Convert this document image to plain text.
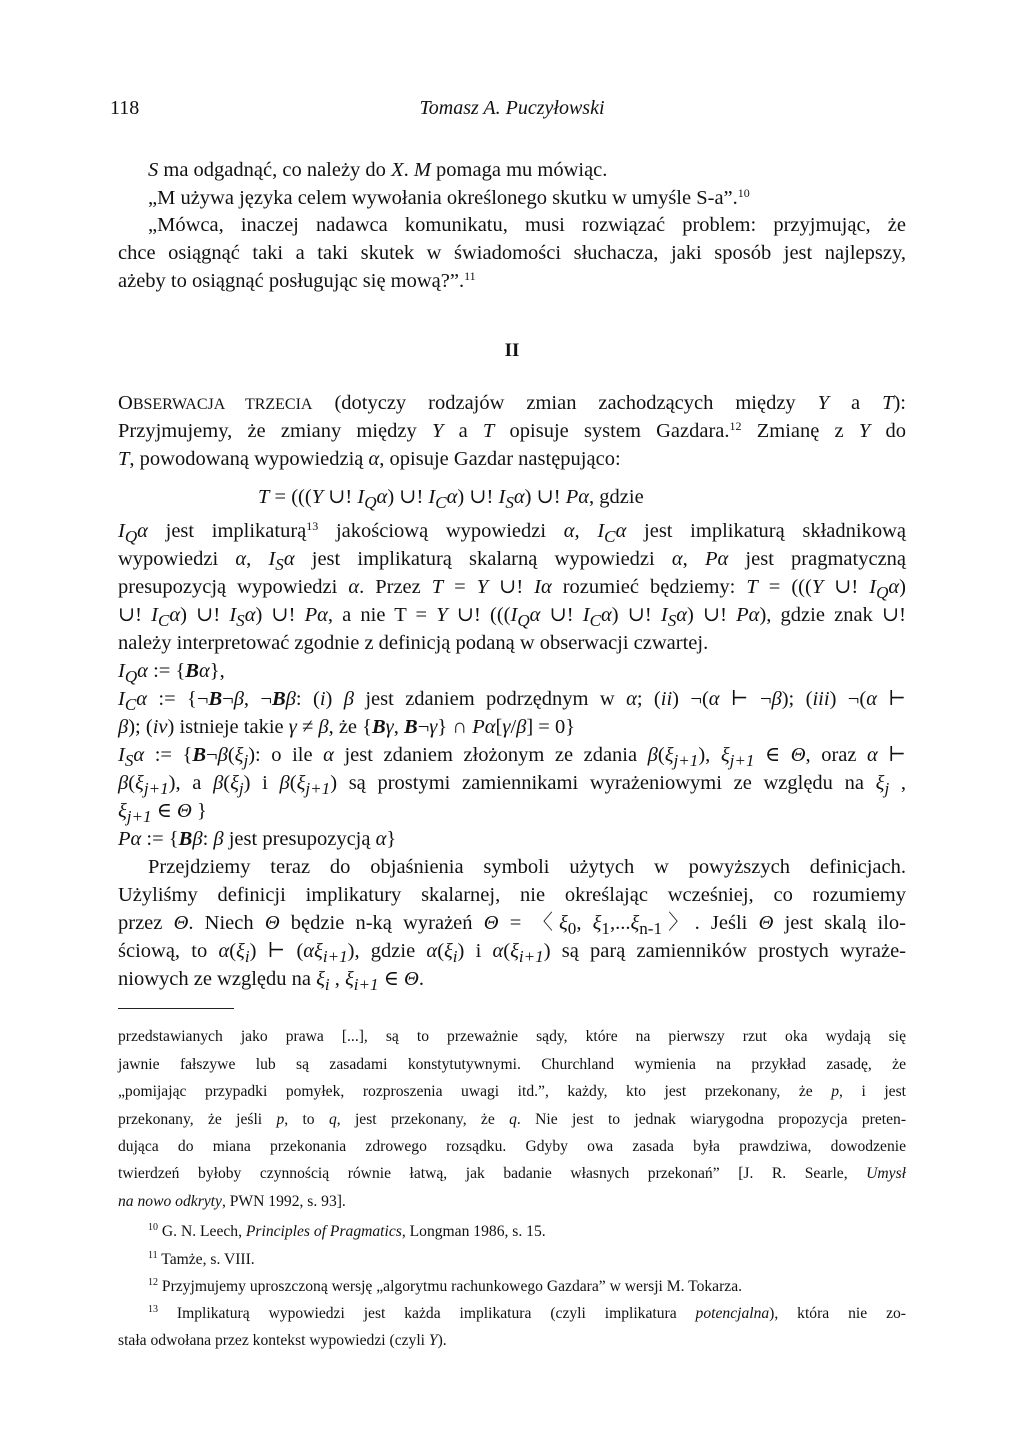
118	Tomasz A. Puczyłowski
S ma odgadnąć, co należy do X. M pomaga mu mówiąc.
„M używa języka celem wywołania określonego skutku w umyśle S-a”.$^{10}$
„Mówca, inaczej nadawca komunikatu, musi rozwiązać problem: przyjmując, że
chce osiągnąć taki a taki skutek w świadomości słuchacza, jaki sposób jest najlepszy,
ażeby to osiągnąć posługując się mową?”.$^{11}$
OBSERWACJA TRZECIA (dotyczy rodzajów zmian zachodzących między Y a T):
Przyjmujemy, że zmiany między Y a T opisuje system Gazdara.$^{12}$ Zmianę z Y do
T, powodowaną wypowiedzią α, opisuje Gazdar następująco:
T = (((Y ∪! $I_Q\alpha$) ∪! $I_C\alpha$) ∪! $I_S\alpha$) ∪! Pα, gdzie
$I_Q\alpha$ jest implikaturą$^{13}$ jakościową wypowiedzi α, $I_C\alpha$ jest implikaturą składnikową
wypowiedzi α, $I_S\alpha$ jest implikaturą skalarną wypowiedzi α, Pα jest pragmatyczną
presupozycją wypowiedzi α. Przez T = Y ∪! Iα rozumieć będziemy: T = (((Y ∪! $I_Q\alpha$)
∪! $I_C\alpha$) ∪! $I_S\alpha$) ∪! Pα, a nie T = Y ∪! ((($I_Q\alpha$ ∪! $I_C\alpha$) ∪! $I_S\alpha$) ∪! Pα), gdzie znak ∪!
należy interpretować zgodnie z definicją podaną w obserwacji czwartej.
$I_Q\alpha$ := {Bα},
$I_C\alpha$ := {¬B¬β, ¬Bβ: (i) β jest zdaniem podrzędnym w α; (ii) ¬(α ⊢ ¬β); (iii) ¬(α ⊢
β); (iv) istnieje takie γ ≠ β, że {Bγ, B¬γ} ∩ Pα[γ/β] = 0}
$I_S\alpha$ := {$B\neg\beta(\xi_j)$: o ile α jest zdaniem złożonym ze zdania $\beta(\xi_{j+1})$, $\xi_{j+1}$ ∈ Θ, oraz α ⊢
$\beta(\xi_{j+1})$, a $\beta(\xi_j)$ i $\beta(\xi_{j+1})$ są prostymi zamiennikami wyrażeniowymi ze względu na $\xi_j$ ,
$\xi_{j+1}$ ∈ Θ }
Pα := {Bβ: β jest presupozycją α}
Przejdziemy teraz do objaśnienia symboli użytych w powyższych definicjach.
Użyliśmy definicji implikatury skalarnej, nie określając wcześniej, co rozumiemy
przez Θ. Niech Θ będzie n-ką wyrażeń Θ = 〈$\xi_0$, $\xi_1,...\xi_{n-1}$〉. Jeśli Θ jest skalą ilo-
ściową, to $\alpha(\xi_i)$ ⊢ $(\alpha\xi_{i+1})$, gdzie $\alpha(\xi_i)$ i $\alpha(\xi_{i+1})$ są parą zamienników prostych wyraże-
niowych ze względu na $\xi_i$ , $\xi_{i+1}$ ∈ Θ.
II
przedstawianych jako prawa [...], są to przeważnie sądy, które na pierwszy rzut oka wydają się
jawnie fałszywe lub są zasadami konstytutywnymi. Churchland wymienia na przykład zasadę, że
„pomijając przypadki pomyłek, rozproszenia uwagi itd.”, każdy, kto jest przekonany, że p, i jest
przekonany, że jeśli p, to q, jest przekonany, że q. Nie jest to jednak wiarygodna propozycja preten-
dująca do miana przekonania zdrowego rozsądku. Gdyby owa zasada była prawdziwa, dowodzenie
twierdzeń byłoby czynnością równie łatwą, jak badanie własnych przekonań” [J. R. Searle, Umysł
na nowo odkryty, PWN 1992, s. 93].
$^{10}$ G. N. Leech, Principles of Pragmatics, Longman 1986, s. 15.
$^{11}$ Tamże, s. VIII.
$^{12}$ Przyjmujemy uproszczoną wersję „algorytmu rachunkowego Gazdara” w wersji M. Tokarza.
$^{13}$ Implikaturą wypowiedzi jest każda implikatura (czyli implikatura potencjalna), która nie zo-
stała odwołana przez kontekst wypowiedzi (czyli Y).
